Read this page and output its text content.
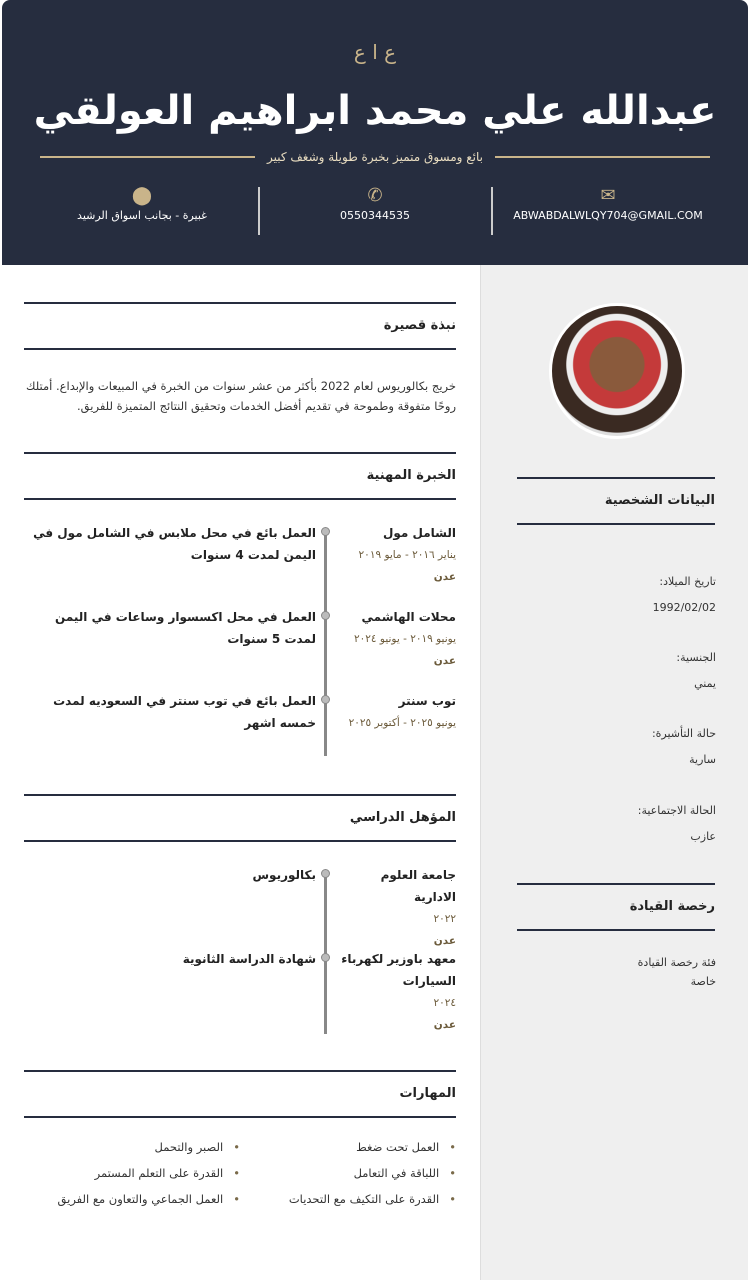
ع ا ع
عبدالله علي محمد ابراهيم العولقي
بائع ومسوق متميز بخبرة طويلة وشغف كبير
✉
ABWABDALWLQY704@GMAIL.COM
✆
0550344535
⬤
غبيرة - بجانب اسواق الرشيد
البيانات الشخصية
تاريخ الميلاد:
1992/02/02
الجنسية:
يمني
حالة التأشيرة:
سارية
الحالة الاجتماعية:
عازب
رخصة القيادة
فئة رخصة القيادة
خاصة
نبذة قصيرة
خريج بكالوريوس لعام 2022 بأكثر من عشر سنوات من الخبرة في المبيعات والإبداع. أمتلك روحًا متفوقة وطموحة في تقديم أفضل الخدمات وتحقيق النتائج المتميزة للفريق.
الخبرة المهنية
الشامل مول
يناير ٢٠١٦ - مايو ٢٠١٩
عدن
العمل بائع في محل ملابس في الشامل مول في اليمن لمدت 4 سنوات
محلات الهاشمي
يونيو ٢٠١٩ - يونيو ٢٠٢٤
عدن
العمل في محل اكسسوار وساعات في اليمن لمدت 5 سنوات
توب سنتر
يونيو ٢٠٢٥ - أكتوبر ٢٠٢٥
العمل بائع في توب سنتر في السعوديه لمدت خمسه اشهر
المؤهل الدراسي
جامعة العلوم الادارية
٢٠٢٢
عدن
بكالوريوس
معهد باوزير لكهرباء السيارات
٢٠٢٤
عدن
شهادة الدراسة الثانوية
المهارات
• العمل تحت ضغط
• الصبر والتحمل
• اللباقة في التعامل
• القدرة على التعلم المستمر
• القدرة على التكيف مع التحديات
• العمل الجماعي والتعاون مع الفريق
